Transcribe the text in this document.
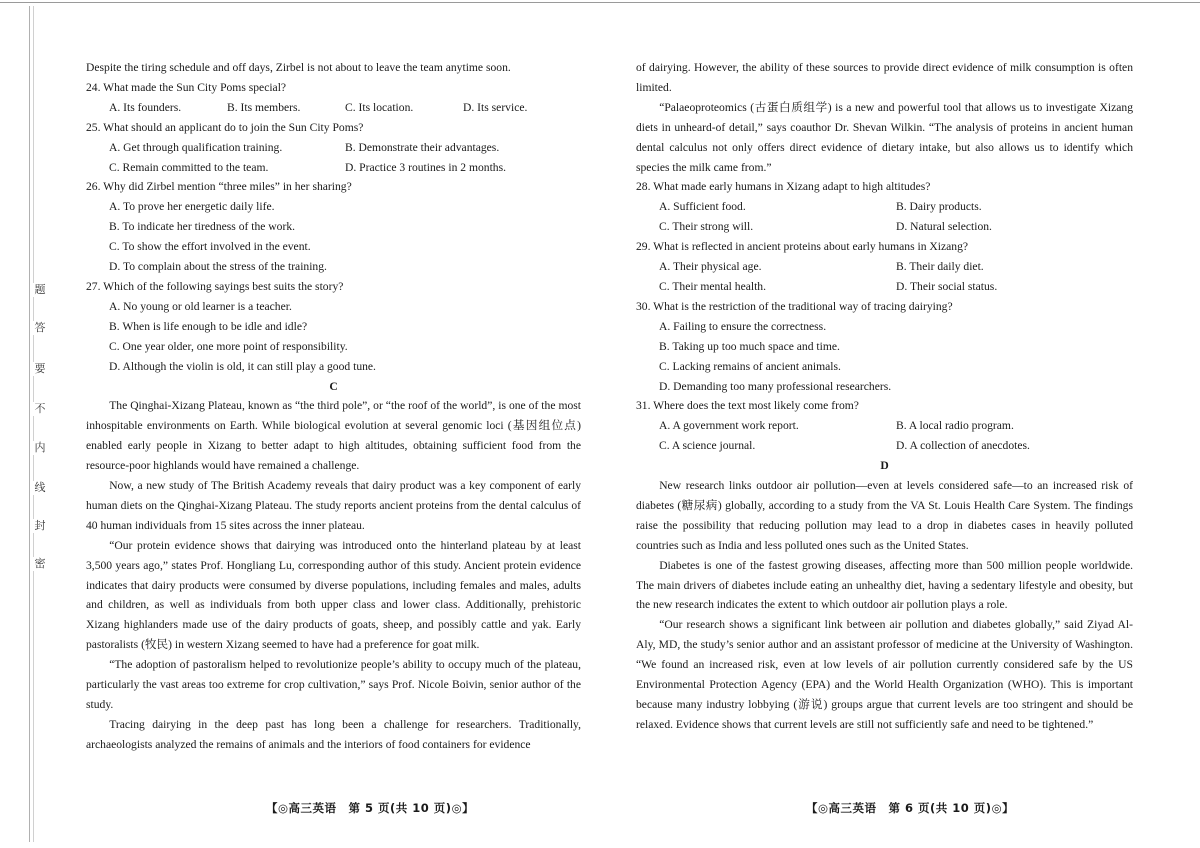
题
答
要
不
内
线
封
密

Despite the tiring schedule and off days, Zirbel is not about to leave the team anytime soon.

24. What made the Sun City Poms special?

A. Its founders.	B. Its members.	C. Its location.	D. Its service.

25. What should an applicant do to join the Sun City Poms?

A. Get through qualification training.	B. Demonstrate their advantages.
C. Remain committed to the team.	D. Practice 3 routines in 2 months.

26. Why did Zirbel mention “three miles” in her sharing?

A. To prove her energetic daily life.
B. To indicate her tiredness of the work.
C. To show the effort involved in the event.
D. To complain about the stress of the training.

27. Which of the following sayings best suits the story?

A. No young or old learner is a teacher.
B. When is life enough to be idle and idle?
C. One year older, one more point of responsibility.
D. Although the violin is old, it can still play a good tune.

C

The Qinghai-Xizang Plateau, known as “the third pole”, or “the roof of the world”, is one of the most inhospitable environments on Earth. While biological evolution at several genomic loci (基因组位点) enabled early people in Xizang to better adapt to high altitudes, obtaining sufficient food from the resource-poor highlands would have remained a challenge.

Now, a new study of The British Academy reveals that dairy product was a key component of early human diets on the Qinghai-Xizang Plateau. The study reports ancient proteins from the dental calculus of 40 human individuals from 15 sites across the inner plateau.

“Our protein evidence shows that dairying was introduced onto the hinterland plateau by at least 3,500 years ago,” states Prof. Hongliang Lu, corresponding author of this study. Ancient protein evidence indicates that dairy products were consumed by diverse populations, including females and males, adults and children, as well as individuals from both upper class and lower class. Additionally, prehistoric Xizang highlanders made use of the dairy products of goats, sheep, and possibly cattle and yak. Early pastoralists (牧民) in western Xizang seemed to have had a preference for goat milk.

“The adoption of pastoralism helped to revolutionize people’s ability to occupy much of the plateau, particularly the vast areas too extreme for crop cultivation,” says Prof. Nicole Boivin, senior author of the study.

Tracing dairying in the deep past has long been a challenge for researchers. Traditionally, archaeologists analyzed the remains of animals and the interiors of food containers for evidence

of dairying. However, the ability of these sources to provide direct evidence of milk consumption is often limited.

“Palaeoproteomics (古蛋白质组学) is a new and powerful tool that allows us to investigate Xizang diets in unheard-of detail,” says coauthor Dr. Shevan Wilkin. “The analysis of proteins in ancient human dental calculus not only offers direct evidence of dietary intake, but also allows us to identify which species the milk came from.”

28. What made early humans in Xizang adapt to high altitudes?

A. Sufficient food.	B. Dairy products.
C. Their strong will.	D. Natural selection.

29. What is reflected in ancient proteins about early humans in Xizang?

A. Their physical age.	B. Their daily diet.
C. Their mental health.	D. Their social status.

30. What is the restriction of the traditional way of tracing dairying?

A. Failing to ensure the correctness.
B. Taking up too much space and time.
C. Lacking remains of ancient animals.
D. Demanding too many professional researchers.

31. Where does the text most likely come from?

A. A government work report.	B. A local radio program.
C. A science journal.	D. A collection of anecdotes.

D

New research links outdoor air pollution—even at levels considered safe—to an increased risk of diabetes (糖尿病) globally, according to a study from the VA St. Louis Health Care System. The findings raise the possibility that reducing pollution may lead to a drop in diabetes cases in heavily polluted countries such as India and less polluted ones such as the United States.

Diabetes is one of the fastest growing diseases, affecting more than 500 million people worldwide. The main drivers of diabetes include eating an unhealthy diet, having a sedentary lifestyle and obesity, but the new research indicates the extent to which outdoor air pollution plays a role.

“Our research shows a significant link between air pollution and diabetes globally,” said Ziyad Al-Aly, MD, the study’s senior author and an assistant professor of medicine at the University of Washington. “We found an increased risk, even at low levels of air pollution currently considered safe by the US Environmental Protection Agency (EPA) and the World Health Organization (WHO). This is important because many industry lobbying (游说) groups argue that current levels are too stringent and should be relaxed. Evidence shows that current levels are still not sufficiently safe and need to be tightened.”

【◎高三英语　第 5 页(共 10 页)◎】	【◎高三英语　第 6 页(共 10 页)◎】
